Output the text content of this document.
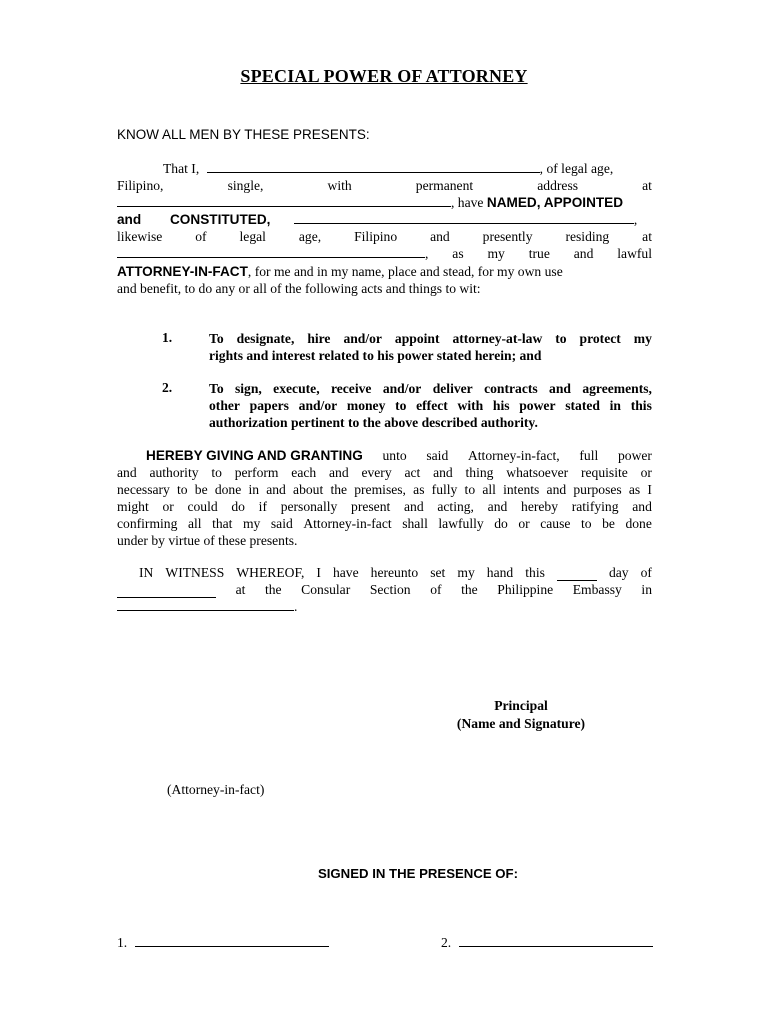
SPECIAL POWER OF ATTORNEY
KNOW ALL MEN BY THESE PRESENTS:
That I,	, of legal age,
Filipino,	single,	with	permanent	address	at
, have NAMED, APPOINTED
and CONSTITUTED,	,
likewise of legal age, Filipino and presently residing at
, as my true and lawful
ATTORNEY-IN-FACT, for me and in my name, place and stead, for my own use
and benefit, to do any or all of the following acts and things to wit:
1.	To designate, hire and/or appoint attorney-at-law to protect my
rights and interest related to his power stated herein; and
2.	To sign, execute, receive and/or deliver contracts and agreements,
other papers and/or money to effect with his power stated in this
authorization pertinent to the above described authority.
HEREBY GIVING AND GRANTING unto said Attorney-in-fact, full power
and authority to perform each and every act and thing whatsoever requisite or
necessary to be done in and about the premises, as fully to all intents and purposes as I
might or could do if personally present and acting, and hereby ratifying and
confirming all that my said Attorney-in-fact shall lawfully do or cause to be done
under by virtue of these presents.
IN WITNESS WHEREOF, I have hereunto set my hand this	day of
at the Consular Section of the Philippine Embassy in
.
Principal
(Name and Signature)
(Attorney-in-fact)
SIGNED IN THE PRESENCE OF:
1.	2.
